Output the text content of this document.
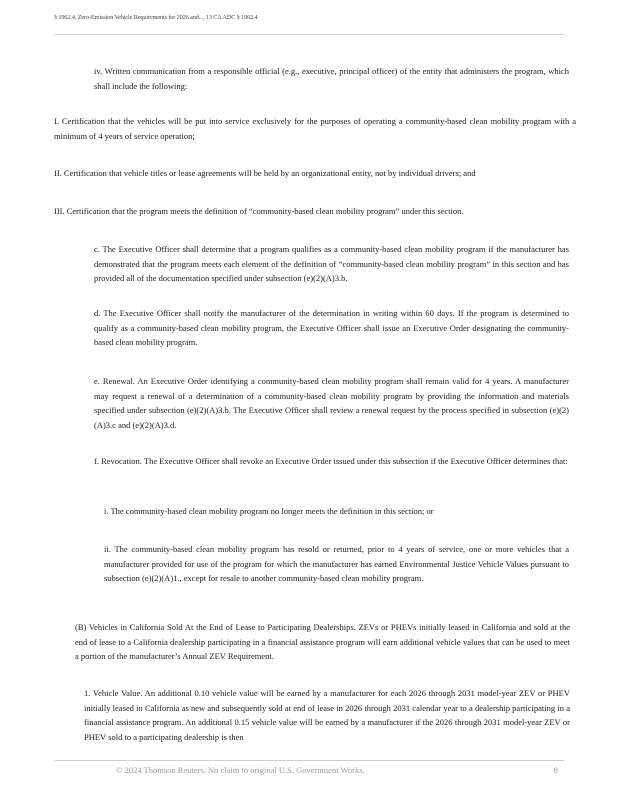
§ 1962.4. Zero-Emission Vehicle Requirements for 2026 and..., 13 CA ADC § 1962.4

iv. Written communication from a responsible official (e.g., executive, principal officer) of the entity that administers the program, which shall include the following:

I. Certification that the vehicles will be put into service exclusively for the purposes of operating a community-based clean mobility program with a minimum of 4 years of service operation;

II. Certification that vehicle titles or lease agreements will be held by an organizational entity, not by individual drivers; and

III. Certification that the program meets the definition of “community-based clean mobility program” under this section.

c. The Executive Officer shall determine that a program qualifies as a community-based clean mobility program if the manufacturer has demonstrated that the program meets each element of the definition of “community-based clean mobility program” in this section and has provided all of the documentation specified under subsection (e)(2)(A)3.b.

d. The Executive Officer shall notify the manufacturer of the determination in writing within 60 days. If the program is determined to qualify as a community-based clean mobility program, the Executive Officer shall issue an Executive Order designating the community-based clean mobility program.

e. Renewal. An Executive Order identifying a community-based clean mobility program shall remain valid for 4 years. A manufacturer may request a renewal of a determination of a community-based clean mobility program by providing the information and materials specified under subsection (e)(2)(A)3.b. The Executive Officer shall review a renewal request by the process specified in subsection (e)(2)(A)3.c and (e)(2)(A)3.d.

f. Revocation. The Executive Officer shall revoke an Executive Order issued under this subsection if the Executive Officer determines that:

i. The community-based clean mobility program no longer meets the definition in this section; or

ii. The community-based clean mobility program has resold or returned, prior to 4 years of service, one or more vehicles that a manufacturer provided for use of the program for which the manufacturer has earned Environmental Justice Vehicle Values pursuant to subsection (e)(2)(A)1., except for resale to another community-based clean mobility program.

(B) Vehicles in California Sold At the End of Lease to Participating Dealerships. ZEVs or PHEVs initially leased in California and sold at the end of lease to a California dealership participating in a financial assistance program will earn additional vehicle values that can be used to meet a portion of the manufacturer’s Annual ZEV Requirement.

1. Vehicle Value. An additional 0.10 vehicle value will be earned by a manufacturer for each 2026 through 2031 model-year ZEV or PHEV initially leased in California as new and subsequently sold at end of lease in 2026 through 2031 calendar year to a dealership participating in a financial assistance program. An additional 0.15 vehicle value will be earned by a manufacturer if the 2026 through 2031 model-year ZEV or PHEV sold to a participating dealership is then

© 2024 Thomson Reuters. No claim to original U.S. Government Works.	8
